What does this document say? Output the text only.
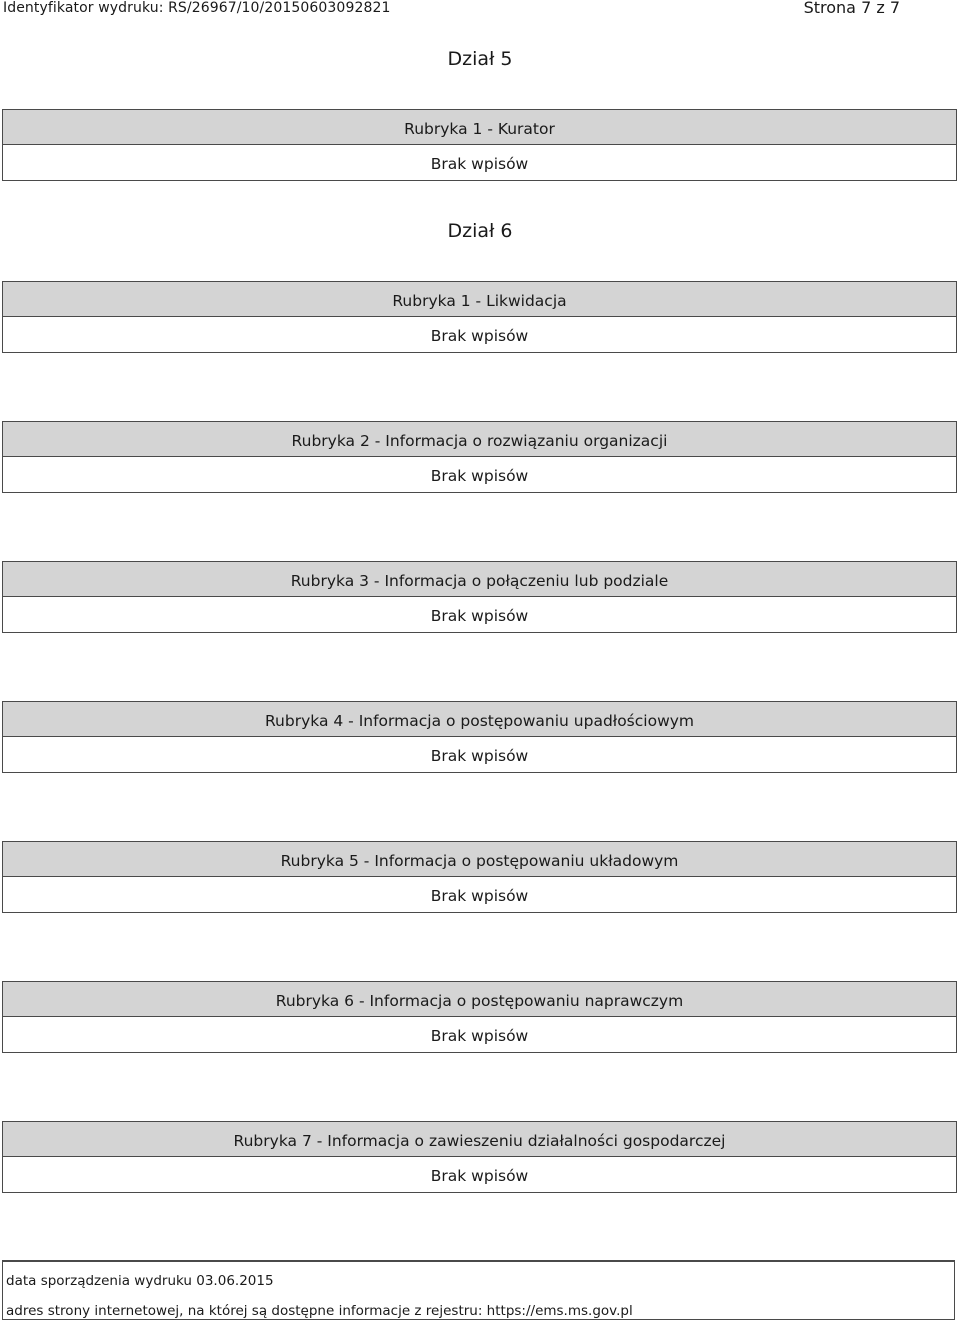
Identyfikator wydruku: RS/26967/10/20150603092821	Strona 7 z 7
Dział 5
Rubryka 1 - Kurator
Brak wpisów
Dział 6
Rubryka 1 - Likwidacja
Brak wpisów
Rubryka 2 - Informacja o rozwiązaniu organizacji
Brak wpisów
Rubryka 3 - Informacja o połączeniu lub podziale
Brak wpisów
Rubryka 4 - Informacja o postępowaniu upadłościowym
Brak wpisów
Rubryka 5 - Informacja o postępowaniu układowym
Brak wpisów
Rubryka 6 - Informacja o postępowaniu naprawczym
Brak wpisów
Rubryka 7 - Informacja o zawieszeniu działalności gospodarczej
Brak wpisów
data sporządzenia wydruku 03.06.2015
adres strony internetowej, na której są dostępne informacje z rejestru: https://ems.ms.gov.pl
